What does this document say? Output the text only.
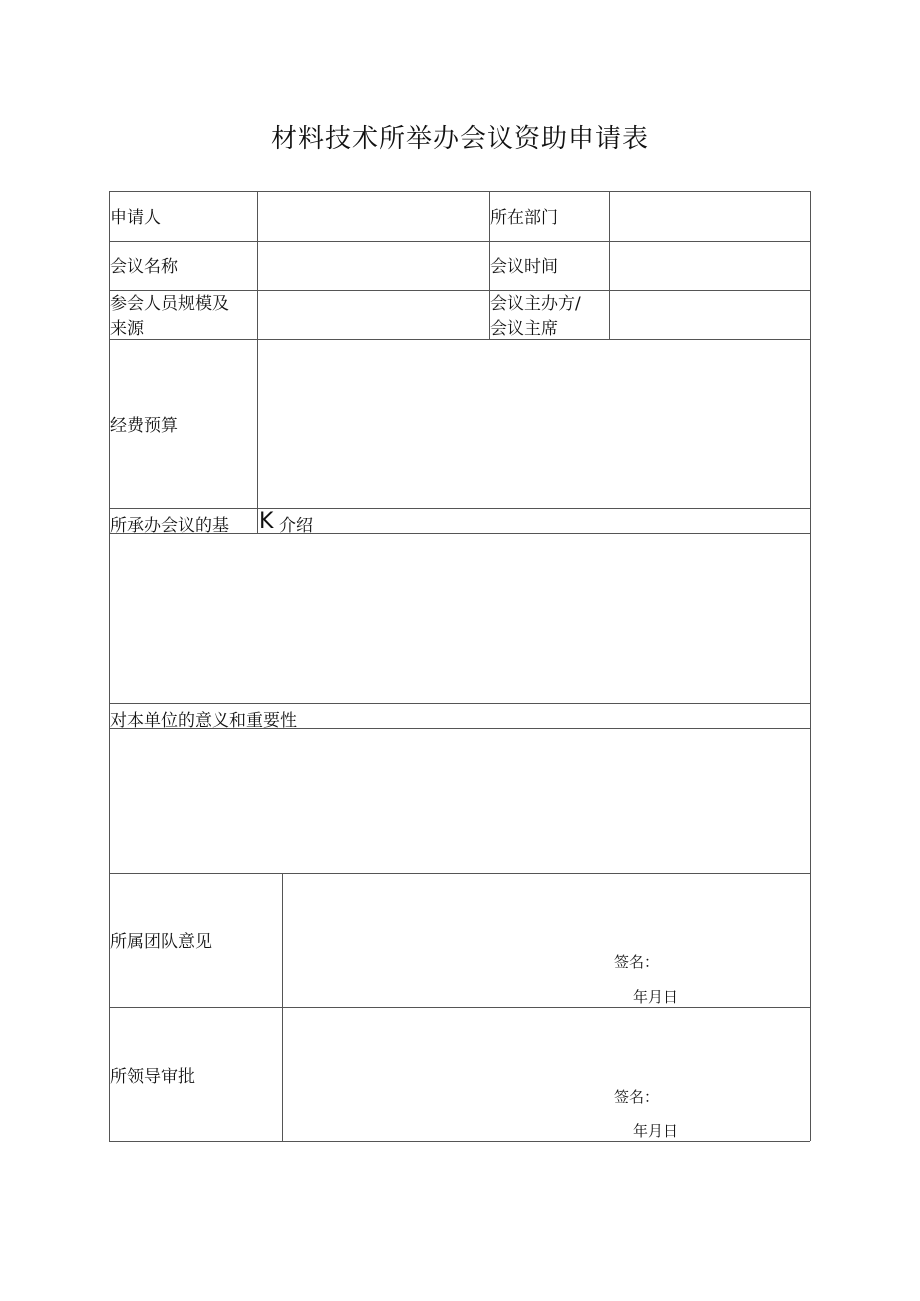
材料技术所举办会议资助申请表
申请人	所在部门
会议名称	会议时间
参会人员规模及
来源
会议主办方/
会议主席
经费预算
所承办会议的基 K 介绍
对本单位的意义和重要性
所属团队意见
签名：
年月日
所领导审批
签名：
年月日
